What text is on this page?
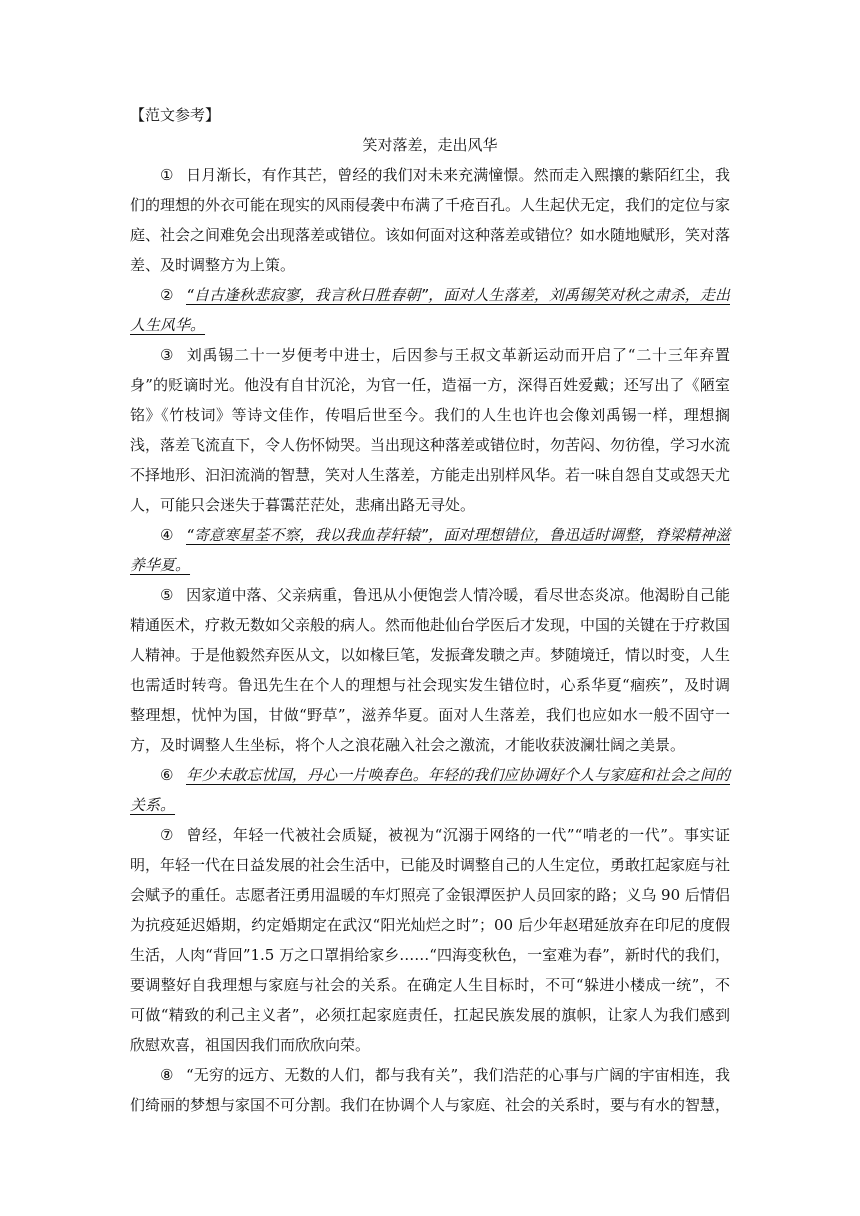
【范文参考】

笑对落差，走出风华

① 日月渐长，有作其芒，曾经的我们对未来充满憧憬。然而走入熙攘的紫陌红尘，我们的理想的外衣可能在现实的风雨侵袭中布满了千疮百孔。人生起伏无定，我们的定位与家庭、社会之间难免会出现落差或错位。该如何面对这种落差或错位？如水随地赋形，笑对落差、及时调整方为上策。

② “自古逢秋悲寂寥，我言秋日胜春朝”，面对人生落差，刘禹锡笑对秋之肃杀，走出人生风华。

③ 刘禹锡二十一岁便考中进士，后因参与王叔文革新运动而开启了“二十三年弃置身”的贬谪时光。他没有自甘沉沦，为官一任，造福一方，深得百姓爱戴；还写出了《陋室铭》《竹枝词》等诗文佳作，传唱后世至今。我们的人生也许也会像刘禹锡一样，理想搁浅，落差飞流直下，令人伤怀恸哭。当出现这种落差或错位时，勿苦闷、勿彷徨，学习水流不择地形、汩汩流淌的智慧，笑对人生落差，方能走出别样风华。若一味自怨自艾或怨天尤人，可能只会迷失于暮霭茫茫处，悲痛出路无寻处。

④ “寄意寒星荃不察，我以我血荐轩辕”，面对理想错位，鲁迅适时调整，脊梁精神滋养华夏。

⑤ 因家道中落、父亲病重，鲁迅从小便饱尝人情冷暖，看尽世态炎凉。他渴盼自己能精通医术，疗救无数如父亲般的病人。然而他赴仙台学医后才发现，中国的关键在于疗救国人精神。于是他毅然弃医从文，以如椽巨笔，发振聋发聩之声。梦随境迁，情以时变，人生也需适时转弯。鲁迅先生在个人的理想与社会现实发生错位时，心系华夏“痼疾”，及时调整理想，忧忡为国，甘做“野草”，滋养华夏。面对人生落差，我们也应如水一般不固守一方，及时调整人生坐标，将个人之浪花融入社会之激流，才能收获波澜壮阔之美景。

⑥ 年少未敢忘忧国，丹心一片唤春色。年轻的我们应协调好个人与家庭和社会之间的关系。

⑦ 曾经，年轻一代被社会质疑，被视为“沉溺于网络的一代”“啃老的一代”。事实证明，年轻一代在日益发展的社会生活中，已能及时调整自己的人生定位，勇敢扛起家庭与社会赋予的重任。志愿者汪勇用温暖的车灯照亮了金银潭医护人员回家的路；义乌 90 后情侣为抗疫延迟婚期，约定婚期定在武汉“阳光灿烂之时”；00 后少年赵珺延放弃在印尼的度假生活，人肉“背回”1.5 万之口罩捐给家乡……“四海变秋色，一室难为春”，新时代的我们，要调整好自我理想与家庭与社会的关系。在确定人生目标时，不可“躲进小楼成一统”，不可做“精致的利己主义者”，必须扛起家庭责任，扛起民族发展的旗帜，让家人为我们感到欣慰欢喜，祖国因我们而欣欣向荣。

⑧ “无穷的远方、无数的人们，都与我有关”，我们浩茫的心事与广阔的宇宙相连，我们绮丽的梦想与家国不可分割。我们在协调个人与家庭、社会的关系时，要与有水的智慧，
